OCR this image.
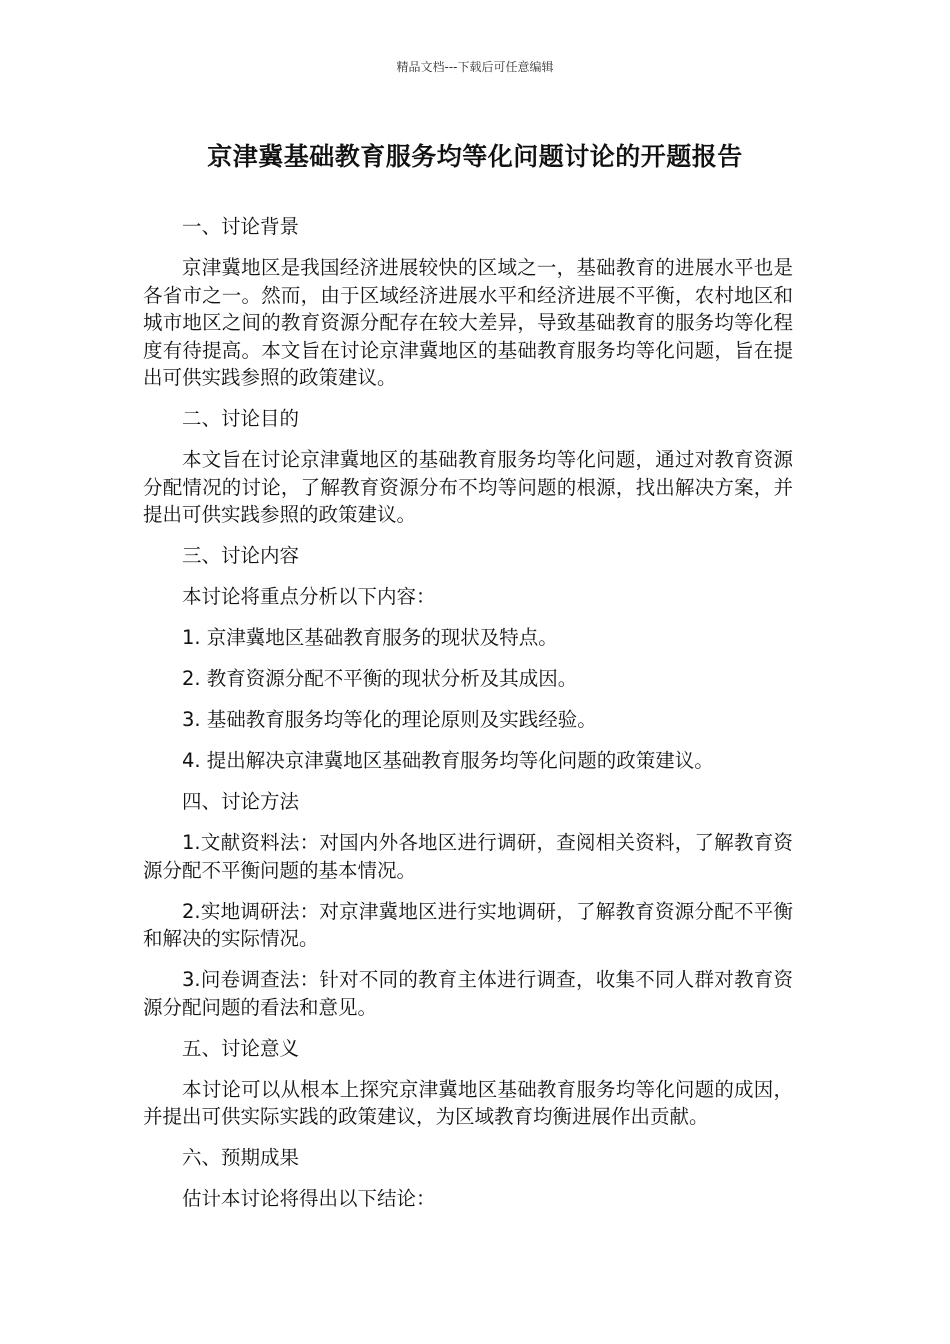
精品文档---下载后可任意编辑
京津冀基础教育服务均等化问题讨论的开题报告

一、讨论背景

京津冀地区是我国经济进展较快的区域之一，基础教育的进展水平也是各省市之一。然而，由于区域经济进展水平和经济进展不平衡，农村地区和城市地区之间的教育资源分配存在较大差异，导致基础教育的服务均等化程度有待提高。本文旨在讨论京津冀地区的基础教育服务均等化问题，旨在提出可供实践参照的政策建议。

二、讨论目的

本文旨在讨论京津冀地区的基础教育服务均等化问题，通过对教育资源分配情况的讨论，了解教育资源分布不均等问题的根源，找出解决方案，并提出可供实践参照的政策建议。

三、讨论内容

本讨论将重点分析以下内容：

1. 京津冀地区基础教育服务的现状及特点。

2. 教育资源分配不平衡的现状分析及其成因。

3. 基础教育服务均等化的理论原则及实践经验。

4. 提出解决京津冀地区基础教育服务均等化问题的政策建议。

四、讨论方法

1.文献资料法：对国内外各地区进行调研，查阅相关资料，了解教育资源分配不平衡问题的基本情况。

2.实地调研法：对京津冀地区进行实地调研，了解教育资源分配不平衡和解决的实际情况。

3.问卷调查法：针对不同的教育主体进行调查，收集不同人群对教育资源分配问题的看法和意见。

五、讨论意义

本讨论可以从根本上探究京津冀地区基础教育服务均等化问题的成因，并提出可供实际实践的政策建议，为区域教育均衡进展作出贡献。

六、预期成果

估计本讨论将得出以下结论：
